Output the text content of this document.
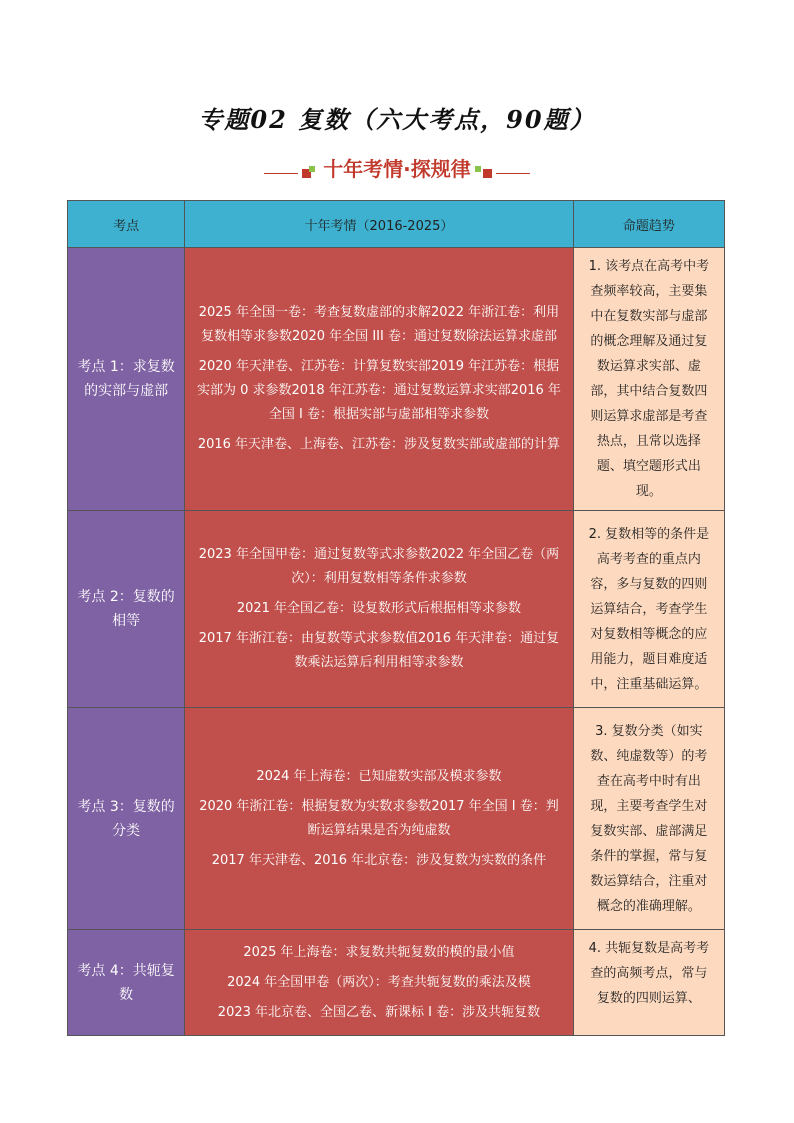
专题02 复数（六大考点，90题）
十年考情·探规律
考点	十年考情（2016-2025）	命题趋势
考点 1：求复数的实部与虚部	2025 年全国一卷：考查复数虚部的求解2022 年浙江卷：利用复数相等求参数2020 年全国 III 卷：通过复数除法运算求虚部

2020 年天津卷、江苏卷：计算复数实部2019 年江苏卷：根据实部为 0 求参数2018 年江苏卷：通过复数运算求实部2016 年全国 I 卷：根据实部与虚部相等求参数

2016 年天津卷、上海卷、江苏卷：涉及复数实部或虚部的计算	1. 该考点在高考中考查频率较高，主要集中在复数实部与虚部的概念理解及通过复数运算求实部、虚部，其中结合复数四则运算求虚部是考查热点，且常以选择题、填空题形式出现。
考点 2：复数的相等	2023 年全国甲卷：通过复数等式求参数2022 年全国乙卷（两次）：利用复数相等条件求参数

2021 年全国乙卷：设复数形式后根据相等求参数

2017 年浙江卷：由复数等式求参数值2016 年天津卷：通过复数乘法运算后利用相等求参数	2. 复数相等的条件是高考考查的重点内容，多与复数的四则运算结合，考查学生对复数相等概念的应用能力，题目难度适中，注重基础运算。
考点 3：复数的分类	2024 年上海卷：已知虚数实部及模求参数

2020 年浙江卷：根据复数为实数求参数2017 年全国 I 卷：判断运算结果是否为纯虚数

2017 年天津卷、2016 年北京卷：涉及复数为实数的条件	3. 复数分类（如实数、纯虚数等）的考查在高考中时有出现，主要考查学生对复数实部、虚部满足条件的掌握，常与复数运算结合，注重对概念的准确理解。
考点 4：共轭复数	2025 年上海卷：求复数共轭复数的模的最小值

2024 年全国甲卷（两次）：考查共轭复数的乘法及模

2023 年北京卷、全国乙卷、新课标 I 卷：涉及共轭复数	4. 共轭复数是高考考查的高频考点，常与复数的四则运算、
